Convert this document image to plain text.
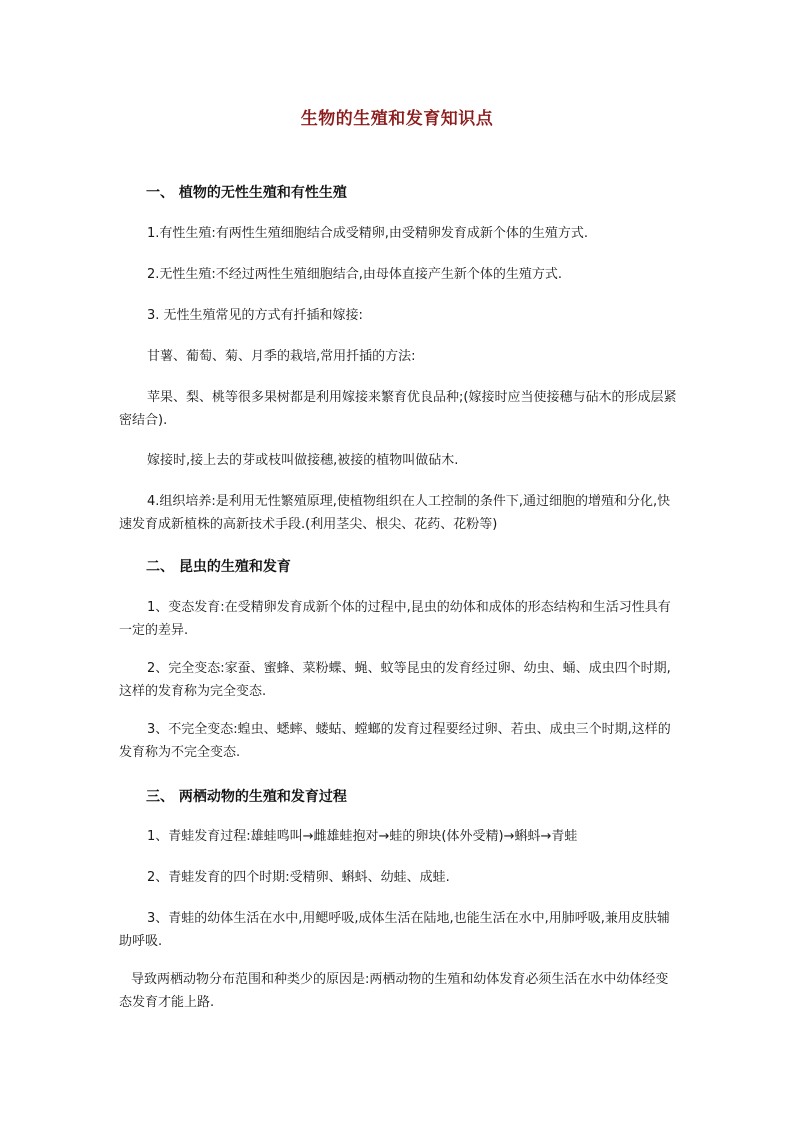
生物的生殖和发育知识点
一、 植物的无性生殖和有性生殖
1.有性生殖:有两性生殖细胞结合成受精卵,由受精卵发育成新个体的生殖方式.
2.无性生殖:不经过两性生殖细胞结合,由母体直接产生新个体的生殖方式.
3. 无性生殖常见的方式有扦插和嫁接:
甘薯、葡萄、菊、月季的栽培,常用扦插的方法:
苹果、梨、桃等很多果树都是利用嫁接来繁育优良品种;(嫁接时应当使接穗与砧木的形成层紧密结合).
嫁接时,接上去的芽或枝叫做接穗,被接的植物叫做砧木.
4.组织培养:是利用无性繁殖原理,使植物组织在人工控制的条件下,通过细胞的增殖和分化,快速发育成新植株的高新技术手段.(利用茎尖、根尖、花药、花粉等)
二、 昆虫的生殖和发育
1、变态发育:在受精卵发育成新个体的过程中,昆虫的幼体和成体的形态结构和生活习性具有一定的差异.
2、完全变态:家蚕、蜜蜂、菜粉蝶、蝇、蚊等昆虫的发育经过卵、幼虫、蛹、成虫四个时期,这样的发育称为完全变态.
3、不完全变态:蝗虫、蟋蟀、蝼蛄、螳螂的发育过程要经过卵、若虫、成虫三个时期,这样的发育称为不完全变态.
三、 两栖动物的生殖和发育过程
1、青蛙发育过程:雄蛙鸣叫→雌雄蛙抱对→蛙的卵块(体外受精)→蝌蚪→青蛙
2、青蛙发育的四个时期:受精卵、蝌蚪、幼蛙、成蛙.
3、青蛙的幼体生活在水中,用鳃呼吸,成体生活在陆地,也能生活在水中,用肺呼吸,兼用皮肤辅助呼吸.
导致两栖动物分布范围和种类少的原因是:两栖动物的生殖和幼体发育必须生活在水中幼体经变态发育才能上路.
